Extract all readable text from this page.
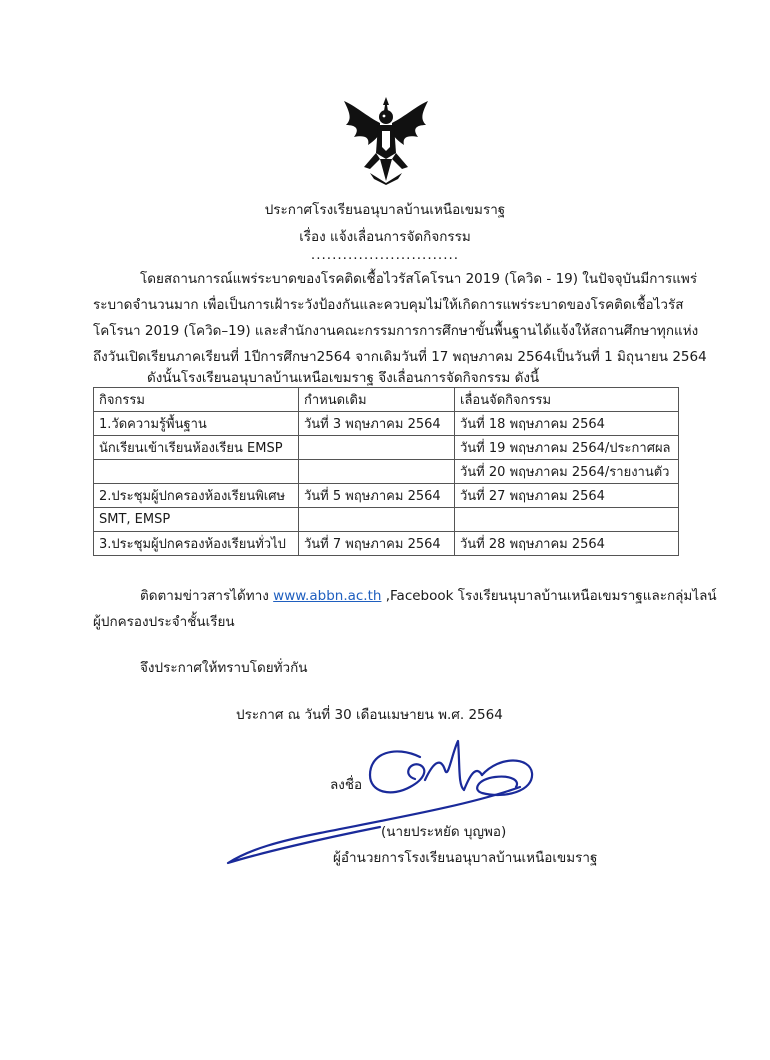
ประกาศโรงเรียนอนุบาลบ้านเหนือเขมราฐ
เรื่อง แจ้งเลื่อนการจัดกิจกรรม
............................
โดยสถานการณ์แพร่ระบาดของโรคติดเชื้อไวรัสโคโรนา 2019 (โควิด - 19) ในปัจจุบันมีการแพร่
ระบาดจำนวนมาก เพื่อเป็นการเฝ้าระวังป้องกันและควบคุมไม่ให้เกิดการแพร่ระบาดของโรคติดเชื้อไวรัส
โคโรนา 2019 (โควิด–19) และสำนักงานคณะกรรมการการศึกษาขั้นพื้นฐานได้แจ้งให้สถานศึกษาทุกแห่ง
ถึงวันเปิดเรียนภาคเรียนที่ 1ปีการศึกษา2564 จากเดิมวันที่ 17 พฤษภาคม 2564เป็นวันที่ 1 มิถุนายน 2564
ดังนั้นโรงเรียนอนุบาลบ้านเหนือเขมราฐ จึงเลื่อนการจัดกิจกรรม ดังนี้
กิจกรรม	กำหนดเดิม	เลื่อนจัดกิจกรรม
1.วัดความรู้พื้นฐาน	วันที่ 3 พฤษภาคม 2564	วันที่ 18 พฤษภาคม 2564
นักเรียนเข้าเรียนห้องเรียน EMSP		วันที่ 19 พฤษภาคม 2564/ประกาศผล
		วันที่ 20 พฤษภาคม 2564/รายงานตัว
2.ประชุมผู้ปกครองห้องเรียนพิเศษ	วันที่ 5 พฤษภาคม 2564	วันที่ 27 พฤษภาคม 2564
SMT, EMSP		
3.ประชุมผู้ปกครองห้องเรียนทั่วไป	วันที่ 7 พฤษภาคม 2564	วันที่ 28 พฤษภาคม 2564
ติดตามข่าวสารได้ทาง www.abbn.ac.th ,Facebook โรงเรียนนุบาลบ้านเหนือเขมราฐและกลุ่มไลน์
ผู้ปกครองประจำชั้นเรียน
จึงประกาศให้ทราบโดยทั่วกัน
ประกาศ ณ วันที่ 30 เดือนเมษายน พ.ศ. 2564
ลงชื่อ
(นายประหยัด บุญพอ)
ผู้อำนวยการโรงเรียนอนุบาลบ้านเหนือเขมราฐ
